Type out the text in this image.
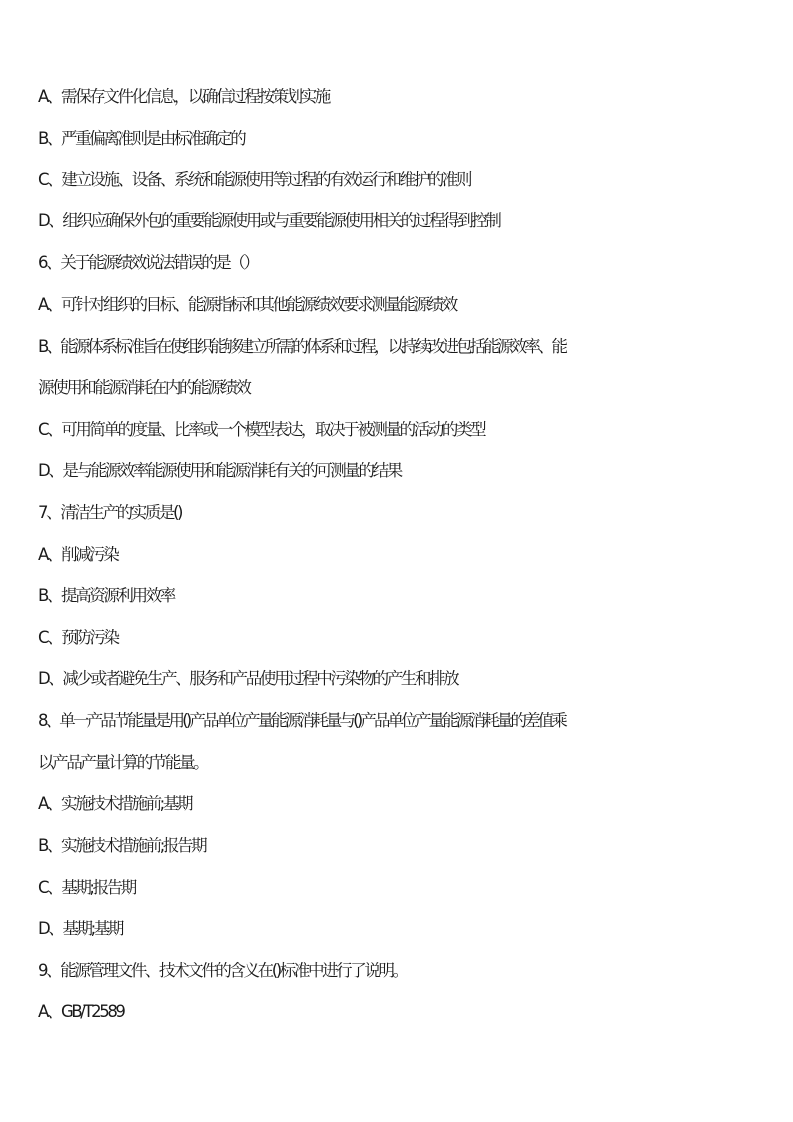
A、需保存文件化信息，以确信过程按策划实施
B、严重偏离准则是由标准确定的
C、建立设施、设备、系统和能源使用等过程的有效运行和维护的准则
D、组织应确保外包的重要能源使用或与重要能源使用相关的过程得到控制
6、关于能源绩效说法错误的是（）
A、可针对组织的目标、能源指标和其他能源绩效要求测量能源绩效
B、能源体系标准旨在使组织能够建立所需的体系和过程，以持续改进包括能源效率、能
源使用和能源消耗在内的能源绩效
C、可用简单的度量、比率或一个模型表达，取决于被测量的活动的类型
D、是与能源效率能源使用和能源消耗有关的可测量的结果
7、清洁生产的实质是()
A、削减污染
B、提高资源利用效率
C、预防污染
D、减少或者避免生产、服务和产品使用过程中污染物的产生和排放
8、单一产品节能量是用()产品单位产量能源消耗量与()产品单位产量能源消耗量的差值乘
以产品产量计算的节能量。
A、实施技术措施前;基期
B、实施技术措施前;报告期
C、基期;报告期
D、基期;基期
9、能源管理文件、技术文件的含义在()标准中进行了说明。
A、GB/T2589
